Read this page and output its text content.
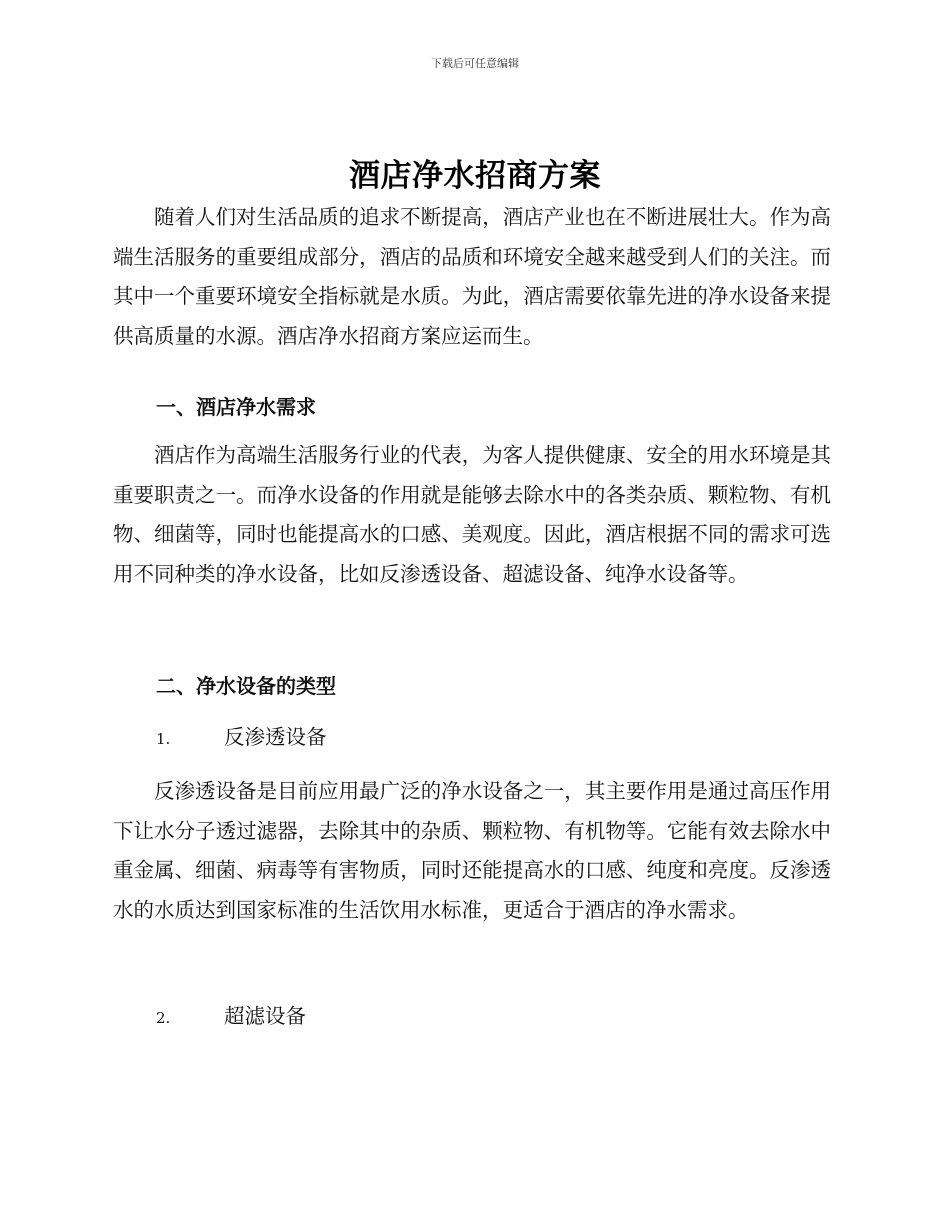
下载后可任意编辑
酒店净水招商方案

随着人们对生活品质的追求不断提高，酒店产业也在不断进展壮大。作为高端生活服务的重要组成部分，酒店的品质和环境安全越来越受到人们的关注。而其中一个重要环境安全指标就是水质。为此，酒店需要依靠先进的净水设备来提供高质量的水源。酒店净水招商方案应运而生。

一、酒店净水需求

酒店作为高端生活服务行业的代表，为客人提供健康、安全的用水环境是其重要职责之一。而净水设备的作用就是能够去除水中的各类杂质、颗粒物、有机物、细菌等，同时也能提高水的口感、美观度。因此，酒店根据不同的需求可选用不同种类的净水设备，比如反渗透设备、超滤设备、纯净水设备等。

二、净水设备的类型
1.	反渗透设备

反渗透设备是目前应用最广泛的净水设备之一，其主要作用是通过高压作用下让水分子透过滤器，去除其中的杂质、颗粒物、有机物等。它能有效去除水中重金属、细菌、病毒等有害物质，同时还能提高水的口感、纯度和亮度。反渗透水的水质达到国家标准的生活饮用水标准，更适合于酒店的净水需求。

2.	超滤设备
